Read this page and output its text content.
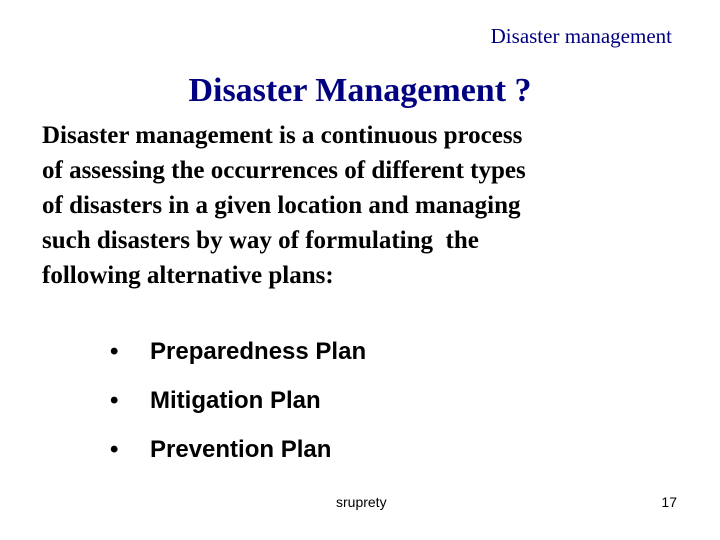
Disaster management
Disaster Management ?

Disaster management is a continuous process
of assessing the occurrences of different types
of disasters in a given location and managing
such disasters by way of formulating  the
following alternative plans:

• Preparedness Plan
• Mitigation Plan
• Prevention Plan
sruprety	17
